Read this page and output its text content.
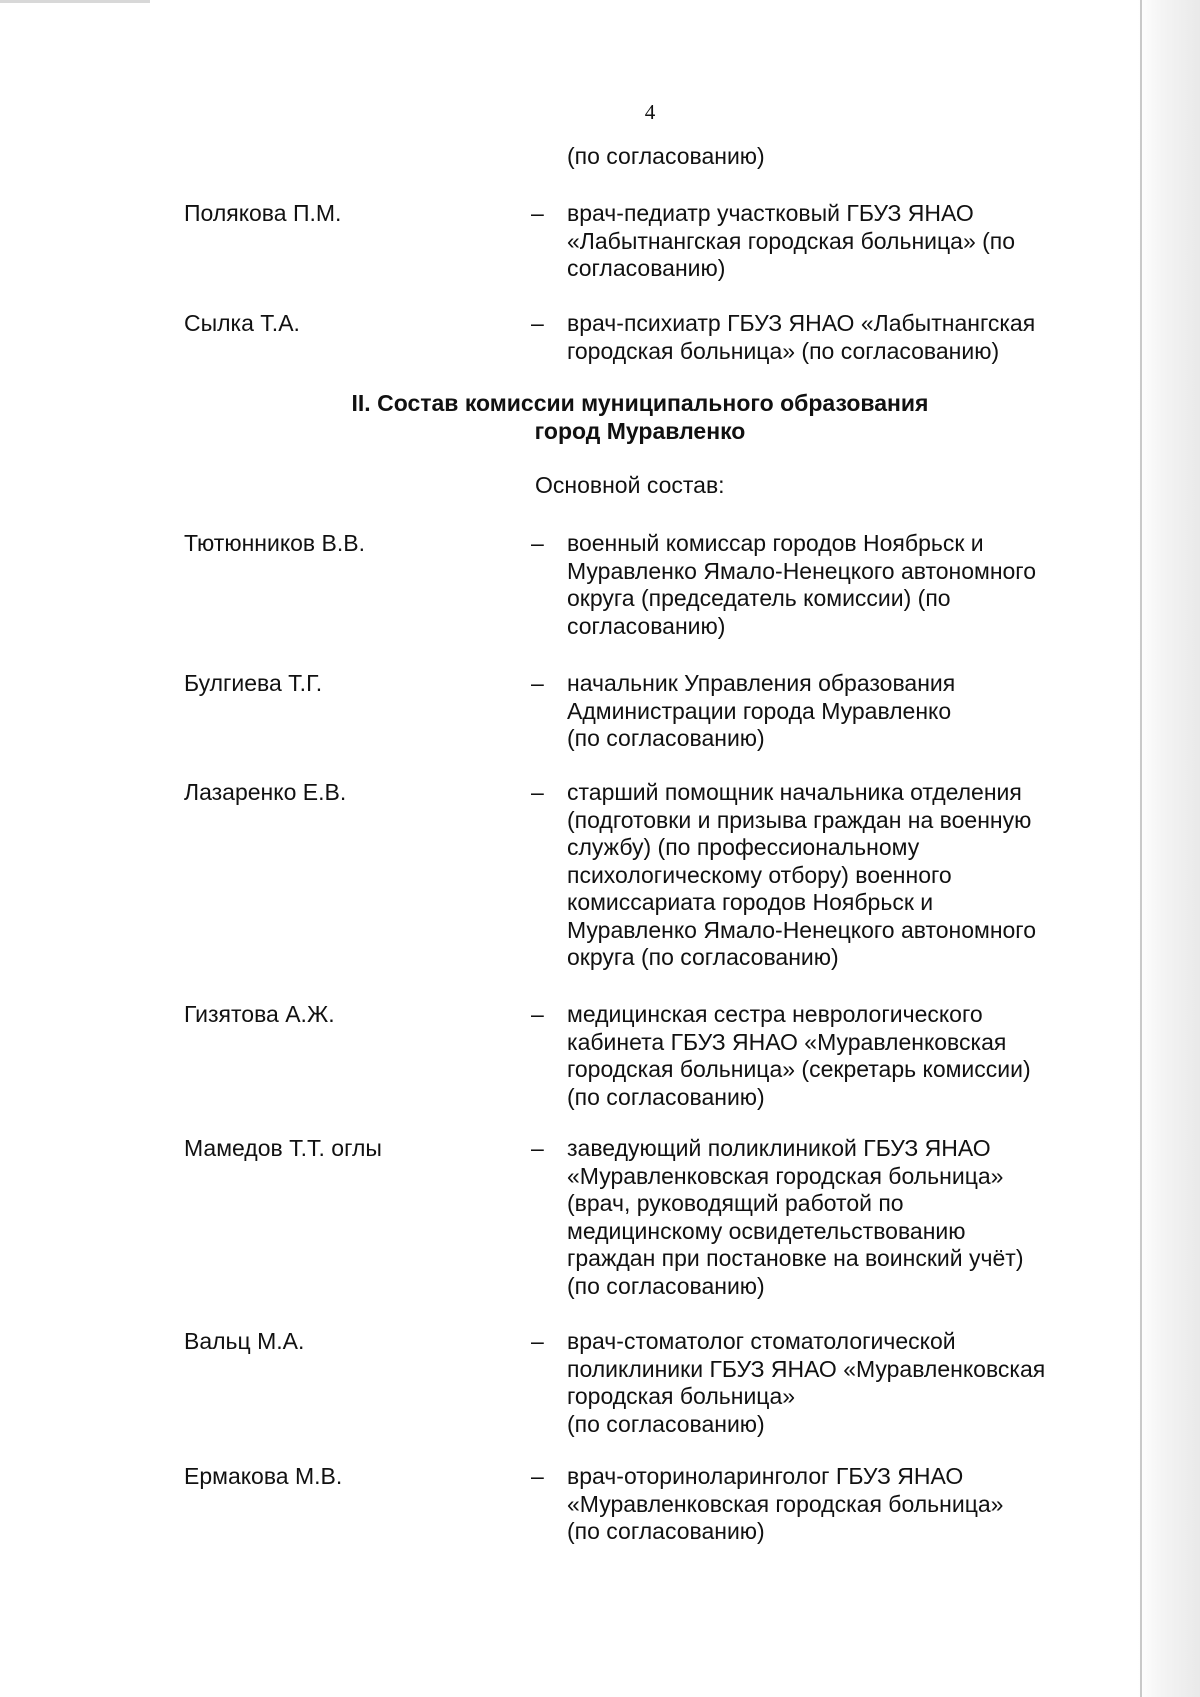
4
(по согласованию)
Полякова П.М.	– врач-педиатр участковый ГБУЗ ЯНАО
«Лабытнангская городская больница» (по
согласованию)
Сылка Т.А.	– врач-психиатр ГБУЗ ЯНАО «Лабытнангская
городская больница» (по согласованию)
II. Состав комиссии муниципального образования
город Муравленко
Основной состав:
Тютюнников В.В.	– военный комиссар городов Ноябрьск и
Муравленко Ямало-Ненецкого автономного
округа (председатель комиссии) (по
согласованию)
Булгиева Т.Г.	– начальник Управления образования
Администрации города Муравленко
(по согласованию)
Лазаренко Е.В.	– старший помощник начальника отделения
(подготовки и призыва граждан на военную
службу) (по профессиональному
психологическому отбору) военного
комиссариата городов Ноябрьск и
Муравленко Ямало-Ненецкого автономного
округа (по согласованию)
Гизятова А.Ж.	– медицинская сестра неврологического
кабинета ГБУЗ ЯНАО «Муравленковская
городская больница» (секретарь комиссии)
(по согласованию)
Мамедов Т.Т. оглы	– заведующий поликлиникой ГБУЗ ЯНАО
«Муравленковская городская больница»
(врач, руководящий работой по
медицинскому освидетельствованию
граждан при постановке на воинский учёт)
(по согласованию)
Вальц М.А.	– врач-стоматолог стоматологической
поликлиники ГБУЗ ЯНАО «Муравленковская
городская больница»
(по согласованию)
Ермакова М.В.	– врач-оториноларинголог ГБУЗ ЯНАО
«Муравленковская городская больница»
(по согласованию)
